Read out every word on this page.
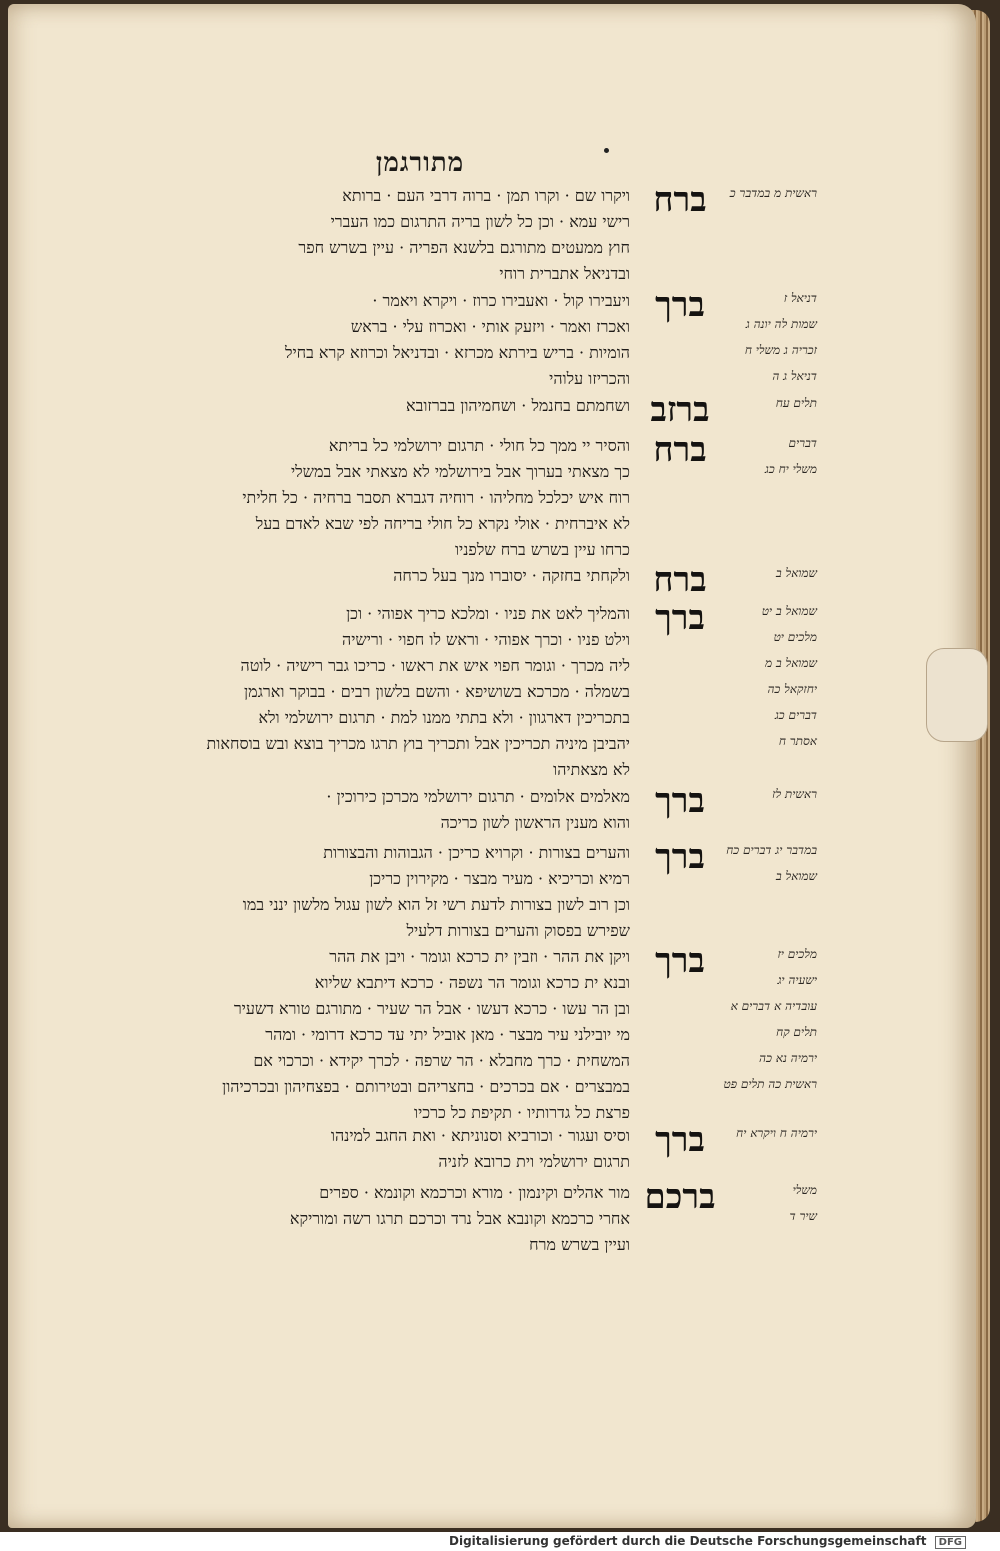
מתורגמן
ברח	ראשית מ במדבר כ
ויקרו שם · וקרו תמן · ברוה דרבי העם · ברותא
רישי עמא · וכן כל לשון בריה התרגום כמו העברי
חוץ ממעטים מתורגם בלשנא הפריה · עיין בשרש חפר
ובדניאל אתברית רוחי
ברך	דניאל ז
שמות לה יונה ג
זכריה ג משלי ח
דניאל ג ה
ויעבירו קול · ואעבירו כרוז · ויקרא ויאמר ·
ואכרז ואמר · ויזעק אותי · ואכרוז עלי · בראש
הומיות · בריש בירתא מכרזא · ובדניאל וכרוזא קרא בחיל
והכריזו עלוהי
ברזב	תלים עח
ושחמתם בחנמל · ושחמיהון בברזובא
ברח	דברים
משלי יח כג
והסיר יי ממך כל חולי · תרגום ירושלמי כל בריתא
כך מצאתי בערוך אבל בירושלמי לא מצאתי אבל במשלי
רוח איש יכלכל מחליהו · רוחיה דגברא תסבר ברחיה · כל חליתי
לא איברחית · אולי נקרא כל חולי בריחה לפי שבא לאדם בעל
כרחו עיין בשרש ברח שלפניו
ברח	שמואל ב
ולקחתי בחזקה · יסוברו מנך בעל כרחה
ברך	שמואל ב יט
מלכים יט
שמואל ב מ
יחזקאל כה
דברים כג
אסתר ח
והמליך לאט את פניו · ומלכא כריך אפוהי · וכן
וילט פניו · וכרך אפוהי · וראש לו חפוי · ורישיה
ליה מכרך · וגומר חפוי איש את ראשו · כריכו גבר רישיה · לוטה
בשמלה · מכרכא בשושיפא · והשם בלשון רבים · בבוקר וארגמן
בתכריכין דארגוון · ולא בתתי ממנו למת · תרגום ירושלמי ולא
יהביבן מיניה תכריכין אבל ותכריך בוץ תרגו מכריך בוצא ובש בוסחאות
לא מצאתיהו
ברך	ראשית לז
מאלמים אלומים · תרגום ירושלמי מכרכן כירוכין ·
והוא מענין הראשון לשון כריכה
ברך	במדבר יג דברים כח
שמואל ב
והערים בצורות · וקרויא כריכן · הגבוהות והבצורות
רמיא וכריכיא · מעיר מבצר · מקירוין כריכן
וכן רוב לשון בצורות לדעת רשי זל הוא לשון עגול מלשון ינני במו
שפירש בפסוק והערים בצורות דלעיל
ברך	מלכים יז
ישעיה יג
עובדיה א דברים א
תלים קח
ירמיה נא כה
ראשית כה תלים פט
ויקן את ההר · וזבין ית כרכא וגומר · ויבן את ההר
ובנא ית כרכא וגומר הר נשפה · כרכא דיתבא שליוא
ובן הר עשו · כרכא דעשו · אבל הר שעיר · מתורגם טורא דשעיר
מי יובילני עיר מבצר · מאן אוביל יתי עד כרכא דרומי · ומהר
המשחית · כרך מחבלא · הר שרפה · לכרך יקידא · וכרכוי אם
במבצרים · אם בכרכים · בחצריהם ובטירותם · בפצחיהון ובכרכיהון
פרצת כל גדרותיו · תקיפת כל כרכיו
ברך	ירמיה ח ויקרא יח
וסיס ועגור · וכורביא וסנוניתא · ואת החגב למינהו
תרגום ירושלמי וית כרובא לזניה
ברכם	משלי
שיר ד
מור אהלים וקינמון · מורא וכרכמא וקונמא · ספרים
אחרי כרכמא וקונבא אבל נרד וכרכם תרגו רשה ומוריקא
ועיין בשרש מרח
Digitalisierung gefördert durch die Deutsche Forschungsgemeinschaft DFG
